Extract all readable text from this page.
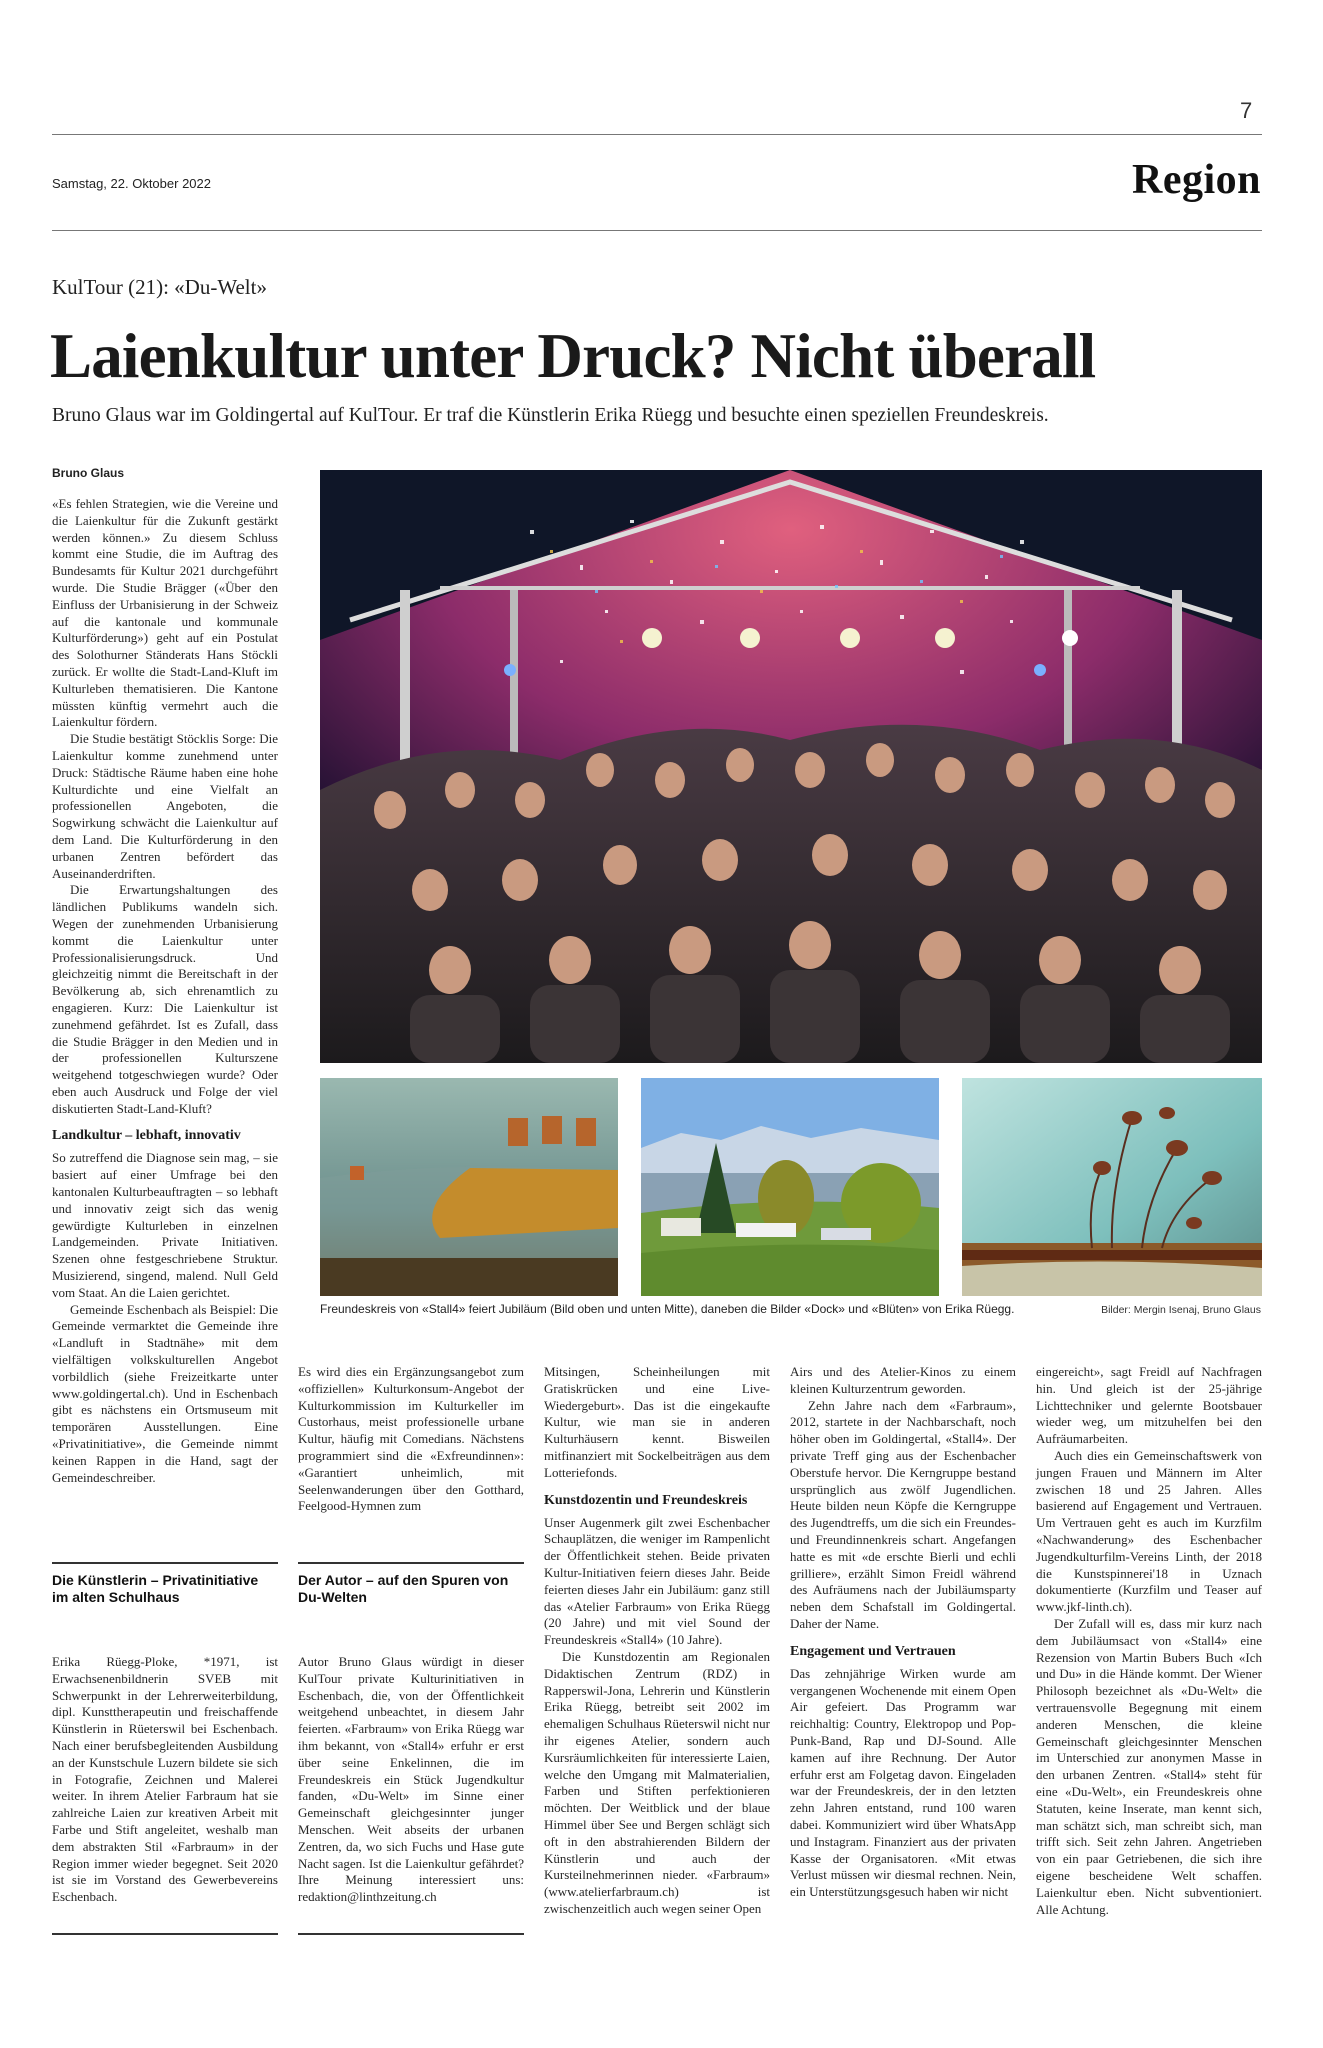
7
Samstag, 22. Oktober 2022	Region
KulTour (21): «Du-Welt»
Laienkultur unter Druck? Nicht überall
Bruno Glaus war im Goldingertal auf KulTour. Er traf die Künstlerin Erika Rüegg und besuchte einen speziellen Freundeskreis.
Bruno Glaus

«Es fehlen Strategien, wie die Vereine und die Laienkultur für die Zukunft gestärkt werden können.» Zu diesem Schluss kommt eine Studie, die im Auftrag des Bundesamts für Kultur 2021 durchgeführt wurde. Die Studie Brägger («Über den Einfluss der Urbanisierung in der Schweiz auf die kantonale und kommunale Kulturförderung») geht auf ein Postulat des Solothurner Ständerats Hans Stöckli zurück. Er wollte die Stadt-Land-Kluft im Kulturleben thematisieren. Die Kantone müssten künftig vermehrt auch die Laienkultur fördern.

Die Studie bestätigt Stöcklis Sorge: Die Laienkultur komme zunehmend unter Druck: Städtische Räume haben eine hohe Kulturdichte und eine Vielfalt an professionellen Angeboten, die Sogwirkung schwächt die Laienkultur auf dem Land. Die Kulturförderung in den urbanen Zentren befördert das Auseinanderdriften.

Die Erwartungshaltungen des ländlichen Publikums wandeln sich. Wegen der zunehmenden Urbanisierung kommt die Laienkultur unter Professionalisierungsdruck. Und gleichzeitig nimmt die Bereitschaft in der Bevölkerung ab, sich ehrenamtlich zu engagieren. Kurz: Die Laienkultur ist zunehmend gefährdet. Ist es Zufall, dass die Studie Brägger in den Medien und in der professionellen Kulturszene weitgehend totgeschwiegen wurde? Oder eben auch Ausdruck und Folge der viel diskutierten Stadt-Land-Kluft?

Landkultur – lebhaft, innovativ

So zutreffend die Diagnose sein mag, – sie basiert auf einer Umfrage bei den kantonalen Kulturbeauftragten – so lebhaft und innovativ zeigt sich das wenig gewürdigte Kulturleben in einzelnen Landgemeinden. Private Initiativen. Szenen ohne festgeschriebene Struktur. Musizierend, singend, malend. Null Geld vom Staat. An die Laien gerichtet.

Gemeinde Eschenbach als Beispiel: Die Gemeinde vermarktet die Gemeinde ihre «Landluft in Stadtnähe» mit dem vielfältigen volkskulturellen Angebot vorbildlich (siehe Freizeitkarte unter www.goldingertal.ch). Und in Eschenbach gibt es nächstens ein Ortsmuseum mit temporären Ausstellungen. Eine «Privatinitiative», die Gemeinde nimmt keinen Rappen in die Hand, sagt der Gemeindeschreiber.

Freundeskreis von «Stall4» feiert Jubiläum (Bild oben und unten Mitte), daneben die Bilder «Dock» und «Blüten» von Erika Rüegg.	Bilder: Mergin Isenaj, Bruno Glaus

Es wird dies ein Ergänzungsangebot zum «offiziellen» Kulturkonsum-Angebot der Kulturkommission im Kulturkeller im Custorhaus, meist professionelle urbane Kultur, häufig mit Comedians. Nächstens programmiert sind die «Exfreundinnen»: «Garantiert unheimlich, mit Seelenwanderungen über den Gotthard, Feelgood-Hymnen zum

Mitsingen, Scheinheilungen mit Gratiskrücken und eine Live-Wiedergeburt». Das ist die eingekaufte Kultur, wie man sie in anderen Kulturhäusern kennt. Bisweilen mitfinanziert mit Sockelbeiträgen aus dem Lotteriefonds.

Kunstdozentin und Freundeskreis

Unser Augenmerk gilt zwei Eschenbacher Schauplätzen, die weniger im Rampenlicht der Öffentlichkeit stehen. Beide privaten Kultur-Initiativen feiern dieses Jahr. Beide feierten dieses Jahr ein Jubiläum: ganz still das «Atelier Farbraum» von Erika Rüegg (20 Jahre) und mit viel Sound der Freundeskreis «Stall4» (10 Jahre).

Die Kunstdozentin am Regionalen Didaktischen Zentrum (RDZ) in Rapperswil-Jona, Lehrerin und Künstlerin Erika Rüegg, betreibt seit 2002 im ehemaligen Schulhaus Rüeterswil nicht nur ihr eigenes Atelier, sondern auch Kursräumlichkeiten für interessierte Laien, welche den Umgang mit Malmaterialien, Farben und Stiften perfektionieren möchten. Der Weitblick und der blaue Himmel über See und Bergen schlägt sich oft in den abstrahierenden Bildern der Künstlerin und auch der Kursteilnehmerinnen nieder. «Farbraum» (www.atelierfarbraum.ch) ist zwischenzeitlich auch wegen seiner Open

Airs und des Atelier-Kinos zu einem kleinen Kulturzentrum geworden.

Zehn Jahre nach dem «Farbraum», 2012, startete in der Nachbarschaft, noch höher oben im Goldingertal, «Stall4». Der private Treff ging aus der Eschenbacher Oberstufe hervor. Die Kerngruppe bestand ursprünglich aus zwölf Jugendlichen. Heute bilden neun Köpfe die Kerngruppe des Jugendtreffs, um die sich ein Freundes- und Freundinnenkreis schart. Angefangen hatte es mit «de erschte Bierli und echli grilliere», erzählt Simon Freidl während des Aufräumens nach der Jubiläumsparty neben dem Schafstall im Goldingertal. Daher der Name.

Engagement und Vertrauen

Das zehnjährige Wirken wurde am vergangenen Wochenende mit einem Open Air gefeiert. Das Programm war reichhaltig: Country, Elektropop und Pop-Punk-Band, Rap und DJ-Sound. Alle kamen auf ihre Rechnung. Der Autor erfuhr erst am Folgetag davon. Eingeladen war der Freundeskreis, der in den letzten zehn Jahren entstand, rund 100 waren dabei. Kommuniziert wird über WhatsApp und Instagram. Finanziert aus der privaten Kasse der Organisatoren. «Mit etwas Verlust müssen wir diesmal rechnen. Nein, ein Unterstützungsgesuch haben wir nicht

eingereicht», sagt Freidl auf Nachfragen hin. Und gleich ist der 25-jährige Lichttechniker und gelernte Bootsbauer wieder weg, um mitzuhelfen bei den Aufräumarbeiten.

Auch dies ein Gemeinschaftswerk von jungen Frauen und Männern im Alter zwischen 18 und 25 Jahren. Alles basierend auf Engagement und Vertrauen. Um Vertrauen geht es auch im Kurzfilm «Nachwanderung» des Eschenbacher Jugendkulturfilm-Vereins Linth, der 2018 die Kunstspinnerei'18 in Uznach dokumentierte (Kurzfilm und Teaser auf www.jkf-linth.ch).

Der Zufall will es, dass mir kurz nach dem Jubiläumsact von «Stall4» eine Rezension von Martin Bubers Buch «Ich und Du» in die Hände kommt. Der Wiener Philosoph bezeichnet als «Du-Welt» die vertrauensvolle Begegnung mit einem anderen Menschen, die kleine Gemeinschaft gleichgesinnter Menschen im Unterschied zur anonymen Masse in den urbanen Zentren. «Stall4» steht für eine «Du-Welt», ein Freundeskreis ohne Statuten, keine Inserate, man kennt sich, man schätzt sich, man schreibt sich, man trifft sich. Seit zehn Jahren. Angetrieben von ein paar Getriebenen, die sich ihre eigene bescheidene Welt schaffen. Laienkultur eben. Nicht subventioniert. Alle Achtung.

Die Künstlerin – Privatinitiative im alten Schulhaus

Erika Rüegg-Ploke, *1971, ist Erwachsenenbildnerin SVEB mit Schwerpunkt in der Lehrerweiterbildung, dipl. Kunsttherapeutin und freischaffende Künstlerin in Rüeterswil bei Eschenbach. Nach einer berufsbegleitenden Ausbildung an der Kunstschule Luzern bildete sie sich in Fotografie, Zeichnen und Malerei weiter. In ihrem Atelier Farbraum hat sie zahlreiche Laien zur kreativen Arbeit mit Farbe und Stift angeleitet, weshalb man dem abstrakten Stil «Farbraum» in der Region immer wieder begegnet. Seit 2020 ist sie im Vorstand des Gewerbevereins Eschenbach.

Der Autor – auf den Spuren von Du-Welten

Autor Bruno Glaus würdigt in dieser KulTour private Kulturinitiativen in Eschenbach, die, von der Öffentlichkeit weitgehend unbeachtet, in diesem Jahr feierten. «Farbraum» von Erika Rüegg war ihm bekannt, von «Stall4» erfuhr er erst über seine Enkelinnen, die im Freundeskreis ein Stück Jugendkultur fanden, «Du-Welt» im Sinne einer Gemeinschaft gleichgesinnter junger Menschen. Weit abseits der urbanen Zentren, da, wo sich Fuchs und Hase gute Nacht sagen. Ist die Laienkultur gefährdet? Ihre Meinung interessiert uns: redaktion@linthzeitung.ch
